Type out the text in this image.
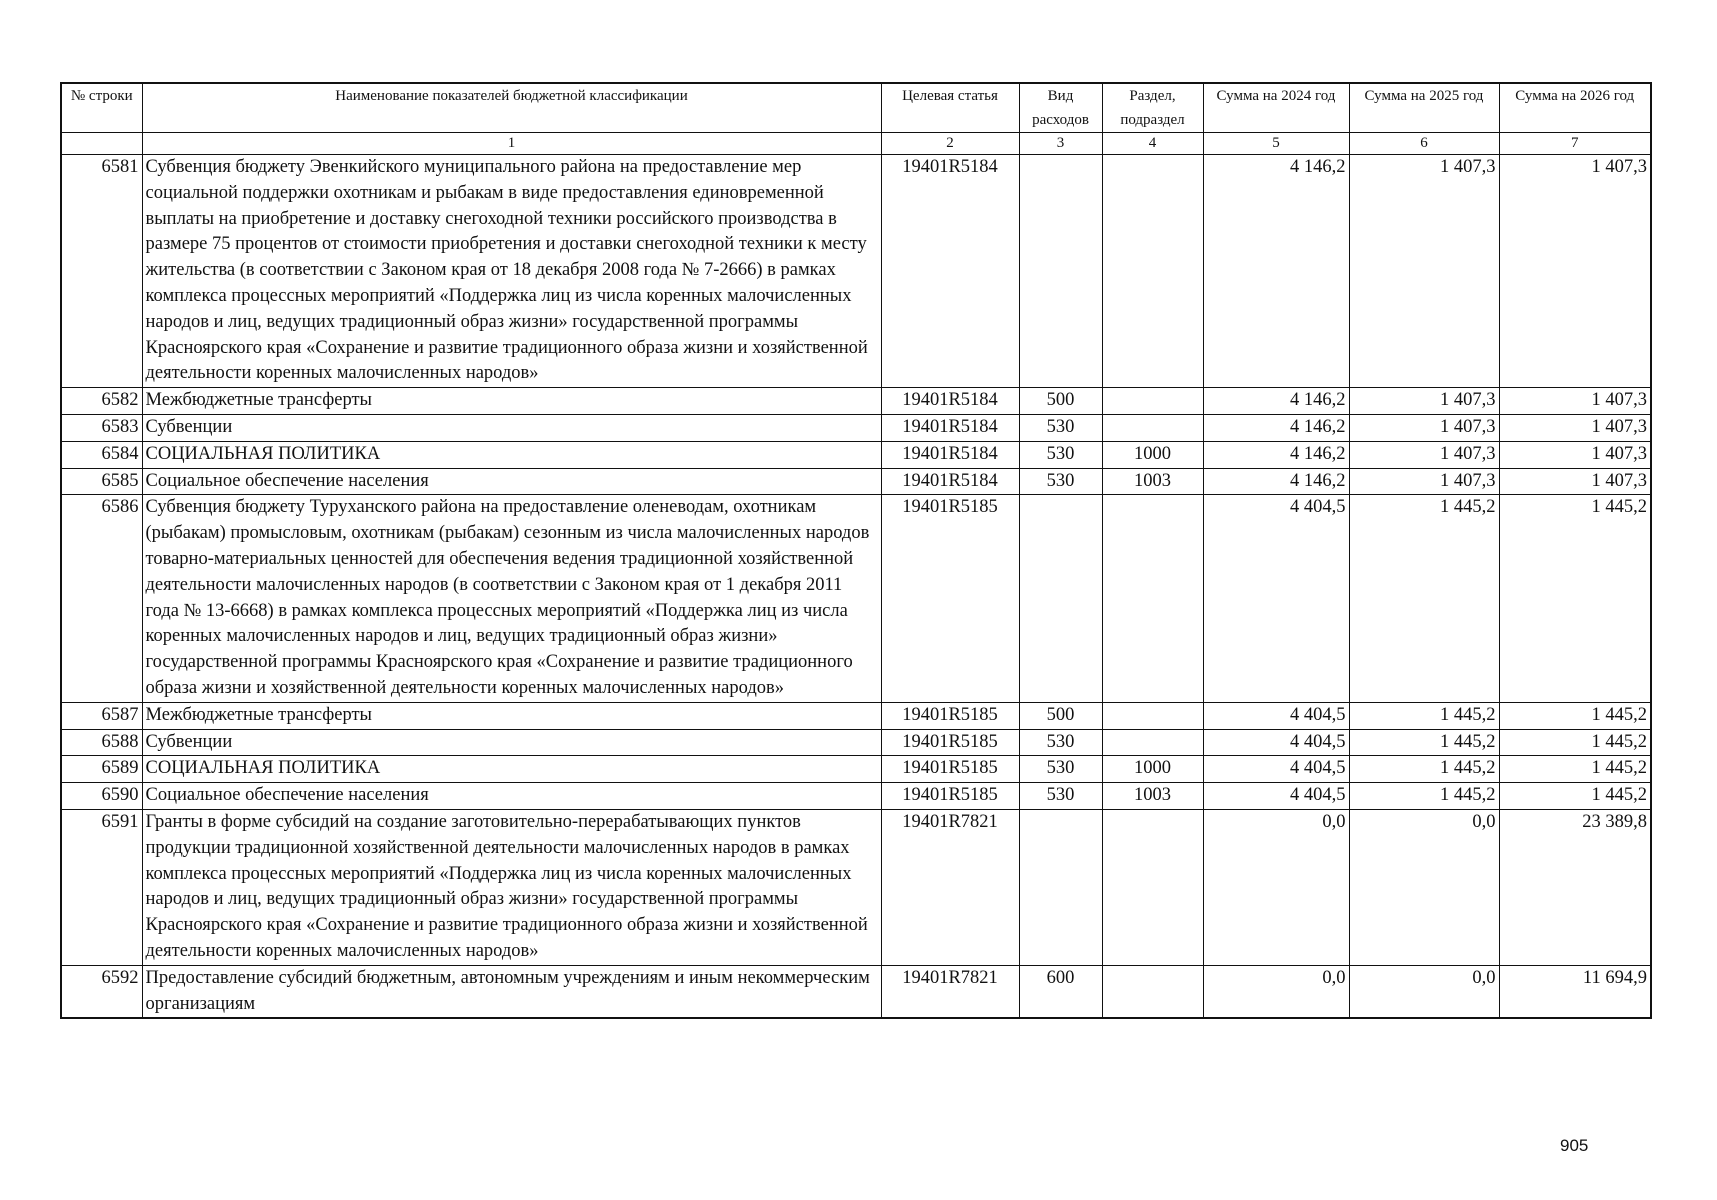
№ строки	Наименование показателей бюджетной классификации	Целевая статья	Вид расходов	Раздел, подраздел	Сумма на 2024 год	Сумма на 2025 год	Сумма на 2026 год
	1	2	3	4	5	6	7
6581	Субвенция бюджету Эвенкийского муниципального района на предоставление мер социальной поддержки охотникам и рыбакам в виде предоставления единовременной выплаты на приобретение и доставку снегоходной техники российского производства в размере 75 процентов от стоимости приобретения и доставки снегоходной техники к месту жительства (в соответствии с Законом края от 18 декабря 2008 года № 7-2666) в рамках комплекса процессных мероприятий «Поддержка лиц из числа коренных малочисленных народов и лиц, ведущих традиционный образ жизни» государственной программы Красноярского края «Сохранение и развитие традиционного образа жизни и хозяйственной деятельности коренных малочисленных народов»	19401R5184			4 146,2	1 407,3	1 407,3
6582	Межбюджетные трансферты	19401R5184	500		4 146,2	1 407,3	1 407,3
6583	Субвенции	19401R5184	530		4 146,2	1 407,3	1 407,3
6584	СОЦИАЛЬНАЯ ПОЛИТИКА	19401R5184	530	1000	4 146,2	1 407,3	1 407,3
6585	Социальное обеспечение населения	19401R5184	530	1003	4 146,2	1 407,3	1 407,3
6586	Субвенция бюджету Туруханского района на предоставление оленеводам, охотникам (рыбакам) промысловым, охотникам (рыбакам) сезонным из числа малочисленных народов товарно-материальных ценностей для обеспечения ведения традиционной хозяйственной деятельности малочисленных народов (в соответствии с Законом края от 1 декабря 2011 года № 13-6668) в рамках комплекса процессных мероприятий «Поддержка лиц из числа коренных малочисленных народов и лиц, ведущих традиционный образ жизни» государственной программы Красноярского края «Сохранение и развитие традиционного образа жизни и хозяйственной деятельности коренных малочисленных народов»	19401R5185			4 404,5	1 445,2	1 445,2
6587	Межбюджетные трансферты	19401R5185	500		4 404,5	1 445,2	1 445,2
6588	Субвенции	19401R5185	530		4 404,5	1 445,2	1 445,2
6589	СОЦИАЛЬНАЯ ПОЛИТИКА	19401R5185	530	1000	4 404,5	1 445,2	1 445,2
6590	Социальное обеспечение населения	19401R5185	530	1003	4 404,5	1 445,2	1 445,2
6591	Гранты в форме субсидий на создание заготовительно-перерабатывающих пунктов продукции традиционной хозяйственной деятельности малочисленных народов в рамках комплекса процессных мероприятий «Поддержка лиц из числа коренных малочисленных народов и лиц, ведущих традиционный образ жизни» государственной программы Красноярского края «Сохранение и развитие традиционного образа жизни и хозяйственной деятельности коренных малочисленных народов»	19401R7821			0,0	0,0	23 389,8
6592	Предоставление субсидий бюджетным, автономным учреждениям и иным некоммерческим организациям	19401R7821	600		0,0	0,0	11 694,9
905
